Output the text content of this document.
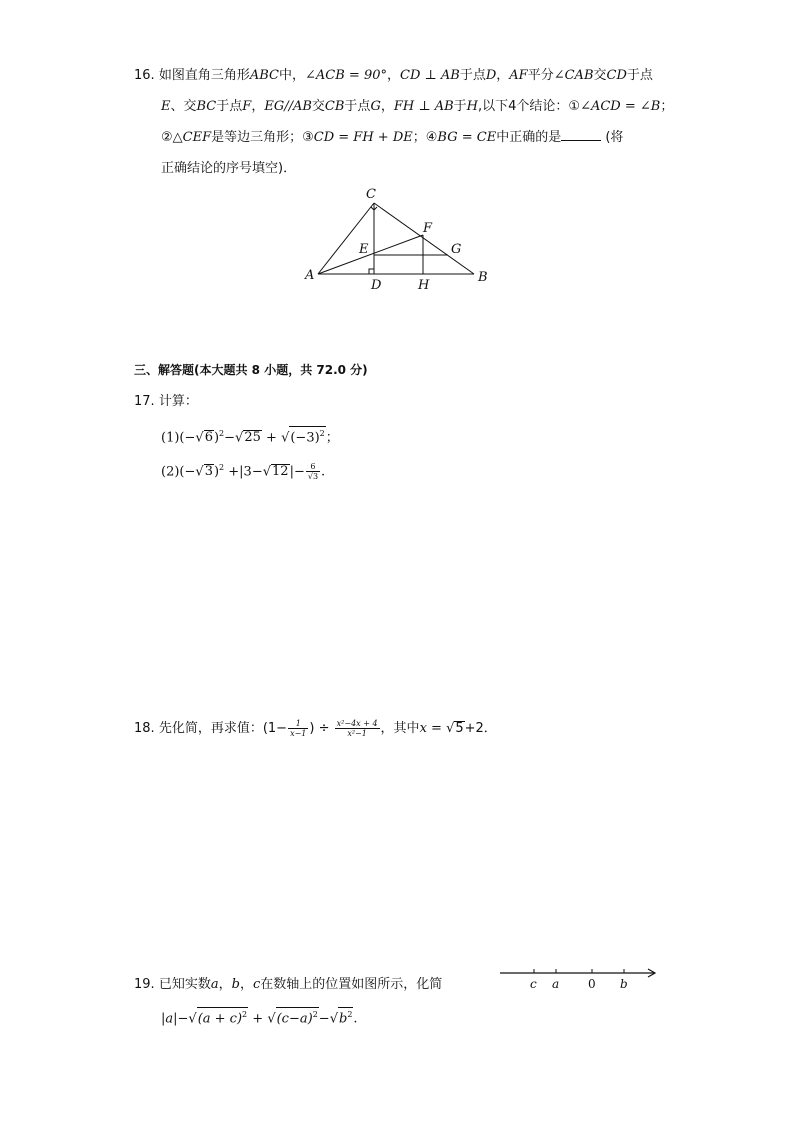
16. 如图直角三角形ABC中，∠ACB = 90°，CD ⊥ AB于点D，AF平分∠CAB交CD于点
E、交BC于点F，EG//AB交CB于点G，FH ⊥ AB于H,以下4个结论：①∠ACD = ∠B；
②△CEF是等边三角形；③CD = FH + DE；④BG = CE中正确的是	(将
正确结论的序号填空)．
C
A	B
D
E
F
G
H
三、解答题(本大题共 8 小题，共 72.0 分)
17. 计算：
$(1)(-√6)^2-√25 + √(-3)^2$；
$(2)(-√3)^2 +|3-√12|- \frac{6}{√3}$ .
18. 先化简，再求值：($1- \frac{1}{x-1}$ ) ÷ $\frac{\text{x²−4x + 4}}{\text{x²−1}}$ ，其中x = √5+2．
19. 已知实数a，b，c在数轴上的位置如图所示，化简
$|a|-√(a + c)^2 + √(c-a)^2-√b^2$.
c a 0 b
